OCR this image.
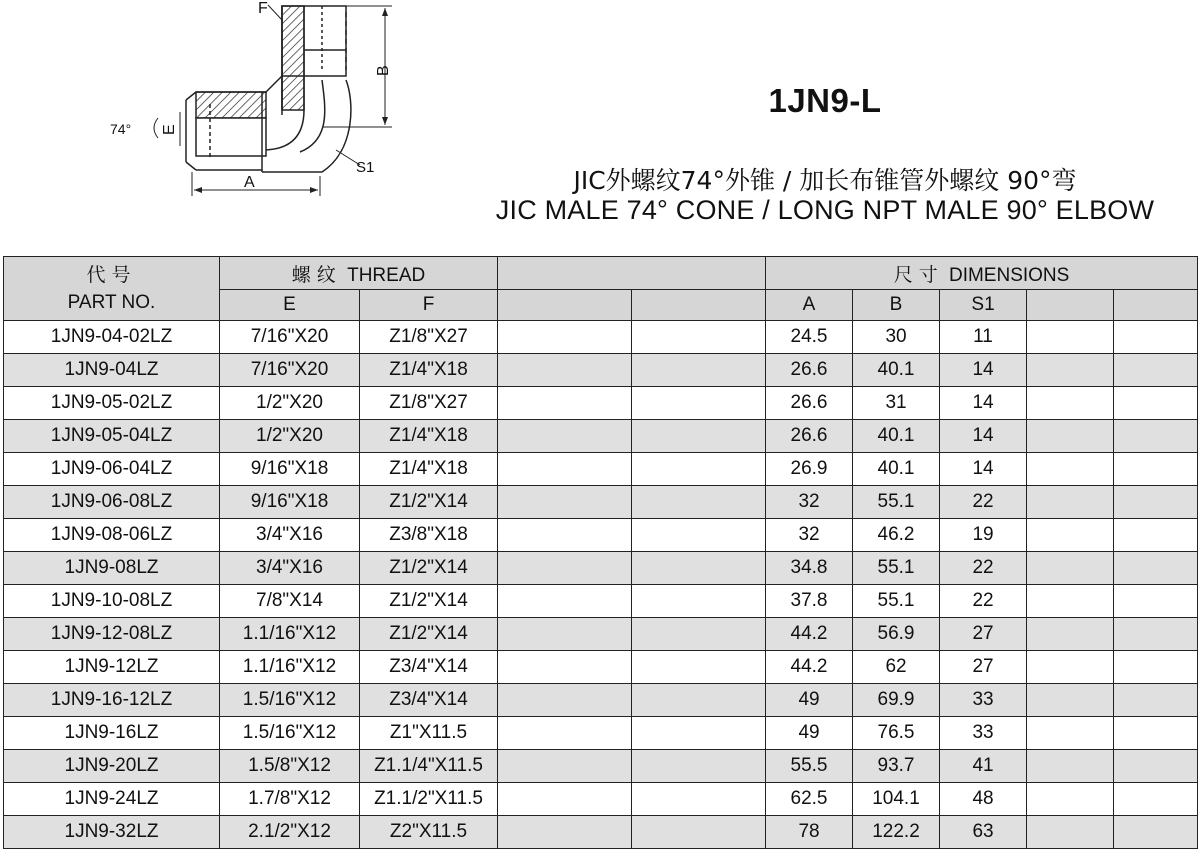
F
B
E
A
S1
74°
1JN9-L
JIC外螺纹74°外锥 / 加长布锥管外螺纹 90°弯
JIC MALE 74° CONE / LONG NPT MALE 90° ELBOW
代号
PART NO.	螺纹 THREAD				尺寸 DIMENSIONS				
	E	F			A	B	S1		
1JN9-04-02LZ	7/16"X20	Z1/8"X27			24.5	30	11		
1JN9-04LZ	7/16"X20	Z1/4"X18			26.6	40.1	14		
1JN9-05-02LZ	1/2"X20	Z1/8"X27			26.6	31	14		
1JN9-05-04LZ	1/2"X20	Z1/4"X18			26.6	40.1	14		
1JN9-06-04LZ	9/16"X18	Z1/4"X18			26.9	40.1	14		
1JN9-06-08LZ	9/16"X18	Z1/2"X14			32	55.1	22		
1JN9-08-06LZ	3/4"X16	Z3/8"X18			32	46.2	19		
1JN9-08LZ	3/4"X16	Z1/2"X14			34.8	55.1	22		
1JN9-10-08LZ	7/8"X14	Z1/2"X14			37.8	55.1	22		
1JN9-12-08LZ	1.1/16"X12	Z1/2"X14			44.2	56.9	27		
1JN9-12LZ	1.1/16"X12	Z3/4"X14			44.2	62	27		
1JN9-16-12LZ	1.5/16"X12	Z3/4"X14			49	69.9	33		
1JN9-16LZ	1.5/16"X12	Z1"X11.5			49	76.5	33		
1JN9-20LZ	1.5/8"X12	Z1.1/4"X11.5			55.5	93.7	41		
1JN9-24LZ	1.7/8"X12	Z1.1/2"X11.5			62.5	104.1	48		
1JN9-32LZ	2.1/2"X12	Z2"X11.5			78	122.2	63		
